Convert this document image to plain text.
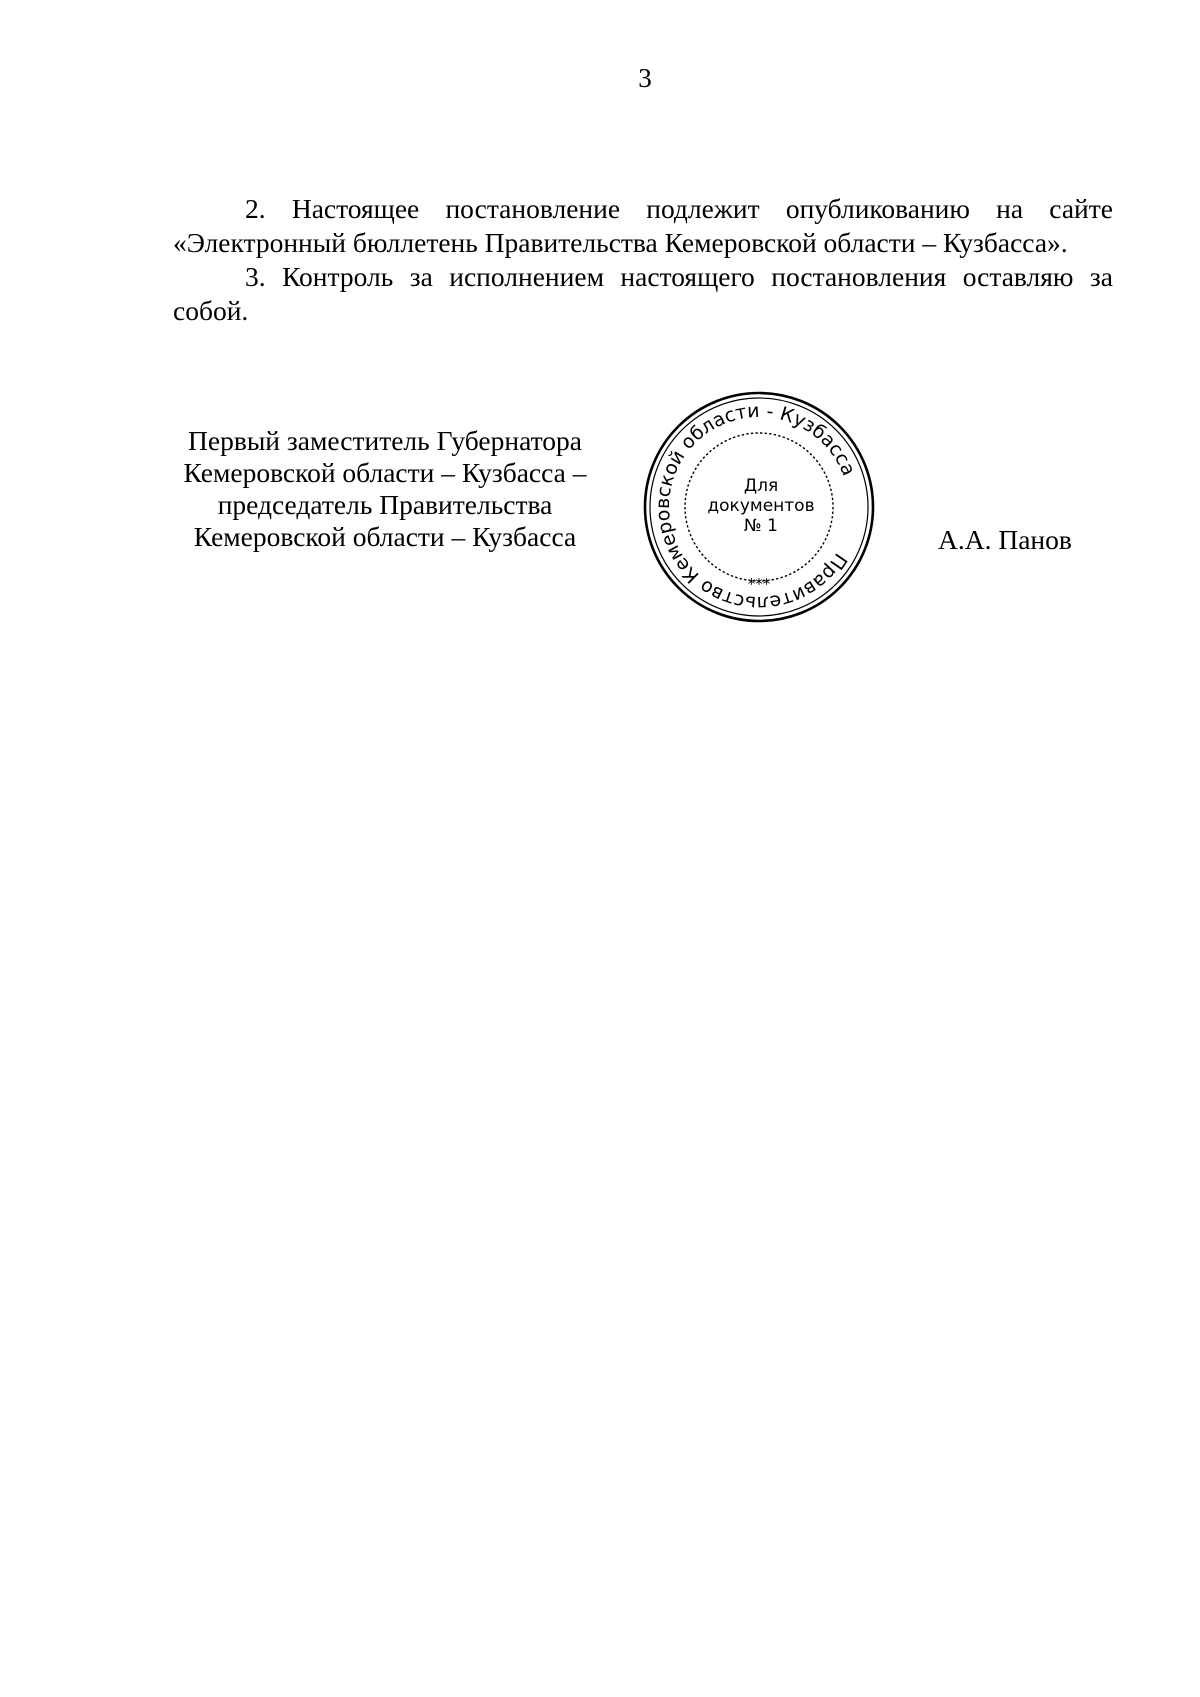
3

2. Настоящее постановление подлежит опубликованию на сайте «Электронный бюллетень Правительства Кемеровской области – Кузбасса».

3. Контроль за исполнением настоящего постановления оставляю за собой.

Первый заместитель Губернатора
Кемеровской области – Кузбасса –
председатель Правительства
Кемеровской области – Кузбасса
Правительство Кемеровской области - Кузбасса
***
Для
документов
№ 1	А.А. Панов
